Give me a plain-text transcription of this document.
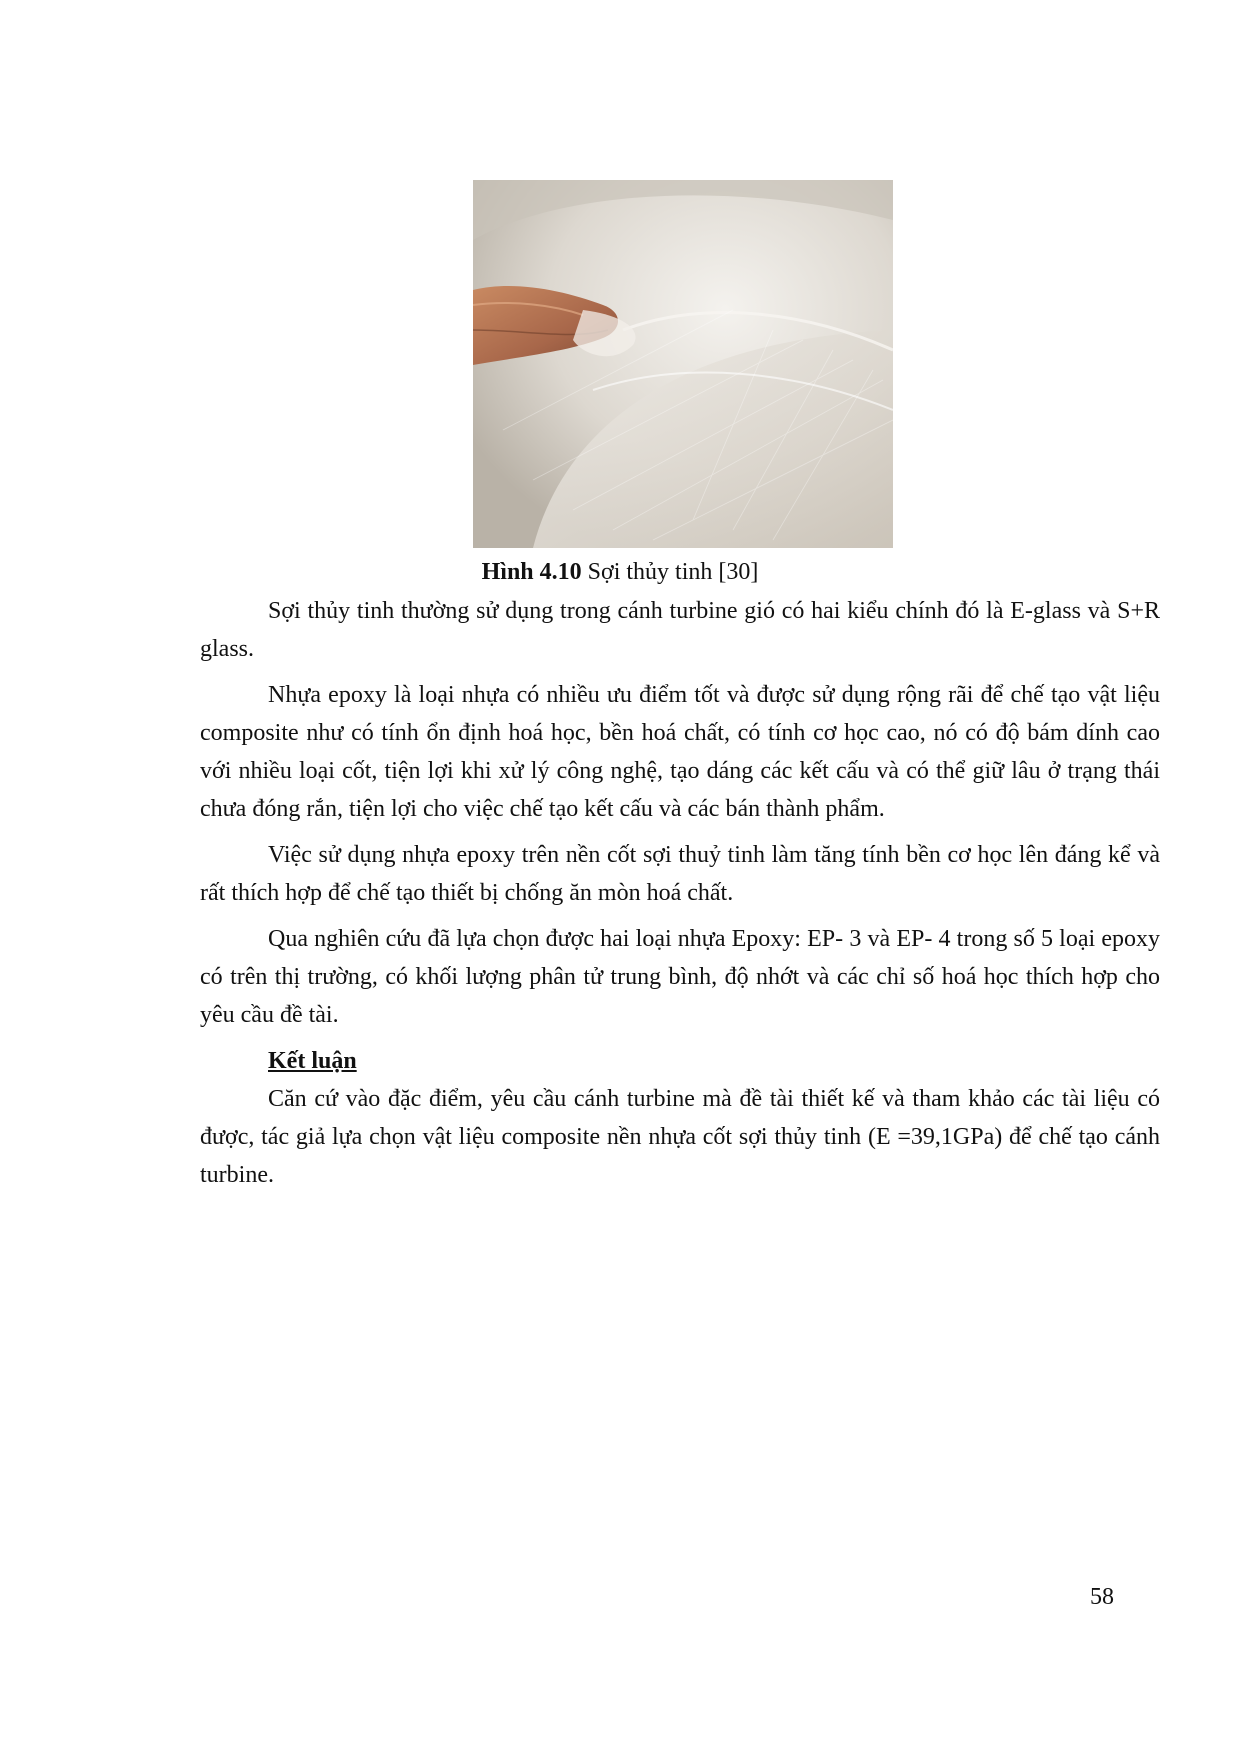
Hình 4.10 Sợi thủy tinh [30]

Sợi thủy tinh thường sử dụng trong cánh turbine gió có hai kiểu chính đó là E-glass và S+R glass.

Nhựa epoxy là loại nhựa có nhiều ưu điểm tốt và được sử dụng rộng rãi để chế tạo vật liệu composite như có tính ổn định hoá học, bền hoá chất, có tính cơ học cao, nó có độ bám dính cao với nhiều loại cốt, tiện lợi khi xử lý công nghệ, tạo dáng các kết cấu và có thể giữ lâu ở trạng thái chưa đóng rắn, tiện lợi cho việc chế tạo kết cấu và các bán thành phẩm.

Việc sử dụng nhựa epoxy trên nền cốt sợi thuỷ tinh làm tăng tính bền cơ học lên đáng kể và rất thích hợp để chế tạo thiết bị chống ăn mòn hoá chất.

Qua nghiên cứu đã lựa chọn được hai loại nhựa Epoxy: EP- 3 và EP- 4 trong số 5 loại epoxy có trên thị trường, có khối lượng phân tử trung bình, độ nhớt và các chỉ số hoá học thích hợp cho yêu cầu đề tài.

Kết luận

Căn cứ vào đặc điểm, yêu cầu cánh turbine mà đề tài thiết kế và tham khảo các tài liệu có được, tác giả lựa chọn vật liệu composite nền nhựa cốt sợi thủy tinh (E =39,1GPa) để chế tạo cánh turbine.

58
